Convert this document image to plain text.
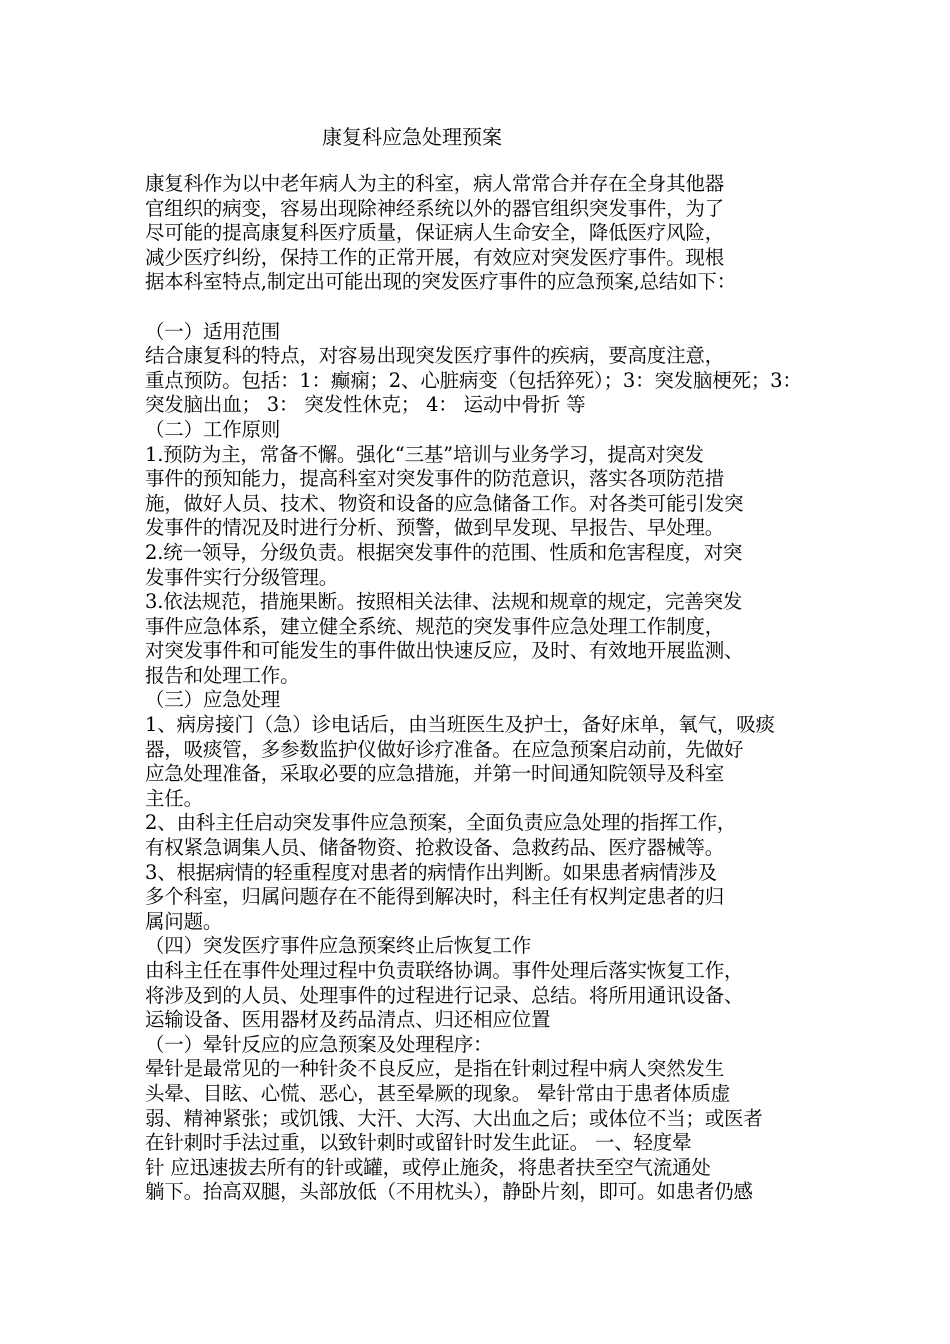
康复科应急处理预案
康复科作为以中老年病人为主的科室，病人常常合并存在全身其他器
官组织的病变，容易出现除神经系统以外的器官组织突发事件，为了
尽可能的提高康复科医疗质量，保证病人生命安全，降低医疗风险，
减少医疗纠纷，保持工作的正常开展，有效应对突发医疗事件。现根
据本科室特点,制定出可能出现的突发医疗事件的应急预案,总结如下：
（一）适用范围
结合康复科的特点，对容易出现突发医疗事件的疾病，要高度注意，
重点预防。包括：1：癫痫；2、心脏病变（包括猝死）；3：突发脑梗死；3：
突发脑出血； 3： 突发性休克； 4： 运动中骨折 等
（二）工作原则
1.预防为主，常备不懈。强化“三基”培训与业务学习，提高对突发
事件的预知能力，提高科室对突发事件的防范意识，落实各项防范措
施，做好人员、技术、物资和设备的应急储备工作。对各类可能引发突
发事件的情况及时进行分析、预警，做到早发现、早报告、早处理。
2.统一领导，分级负责。根据突发事件的范围、性质和危害程度，对突
发事件实行分级管理。
3.依法规范，措施果断。按照相关法律、法规和规章的规定，完善突发
事件应急体系，建立健全系统、规范的突发事件应急处理工作制度，
对突发事件和可能发生的事件做出快速反应，及时、有效地开展监测、
报告和处理工作。
（三）应急处理
1、病房接门（急）诊电话后，由当班医生及护士，备好床单，氧气，吸痰
器，吸痰管，多参数监护仪做好诊疗准备。在应急预案启动前，先做好
应急处理准备，采取必要的应急措施，并第一时间通知院领导及科室
主任。
2、由科主任启动突发事件应急预案，全面负责应急处理的指挥工作，
有权紧急调集人员、储备物资、抢救设备、急救药品、医疗器械等。
3、根据病情的轻重程度对患者的病情作出判断。如果患者病情涉及
多个科室，归属问题存在不能得到解决时，科主任有权判定患者的归
属问题。
（四）突发医疗事件应急预案终止后恢复工作
由科主任在事件处理过程中负责联络协调。事件处理后落实恢复工作，
将涉及到的人员、处理事件的过程进行记录、总结。将所用通讯设备、
运输设备、医用器材及药品清点、归还相应位置
（一）晕针反应的应急预案及处理程序：
晕针是最常见的一种针灸不良反应，是指在针刺过程中病人突然发生
头晕、目眩、心慌、恶心，甚至晕厥的现象。 晕针常由于患者体质虚
弱、精神紧张；或饥饿、大汗、大泻、大出血之后；或体位不当；或医者
在针刺时手法过重，以致针刺时或留针时发生此证。 一、轻度晕
针 应迅速拔去所有的针或罐，或停止施灸，将患者扶至空气流通处
躺下。抬高双腿，头部放低（不用枕头），静卧片刻，即可。如患者仍感
